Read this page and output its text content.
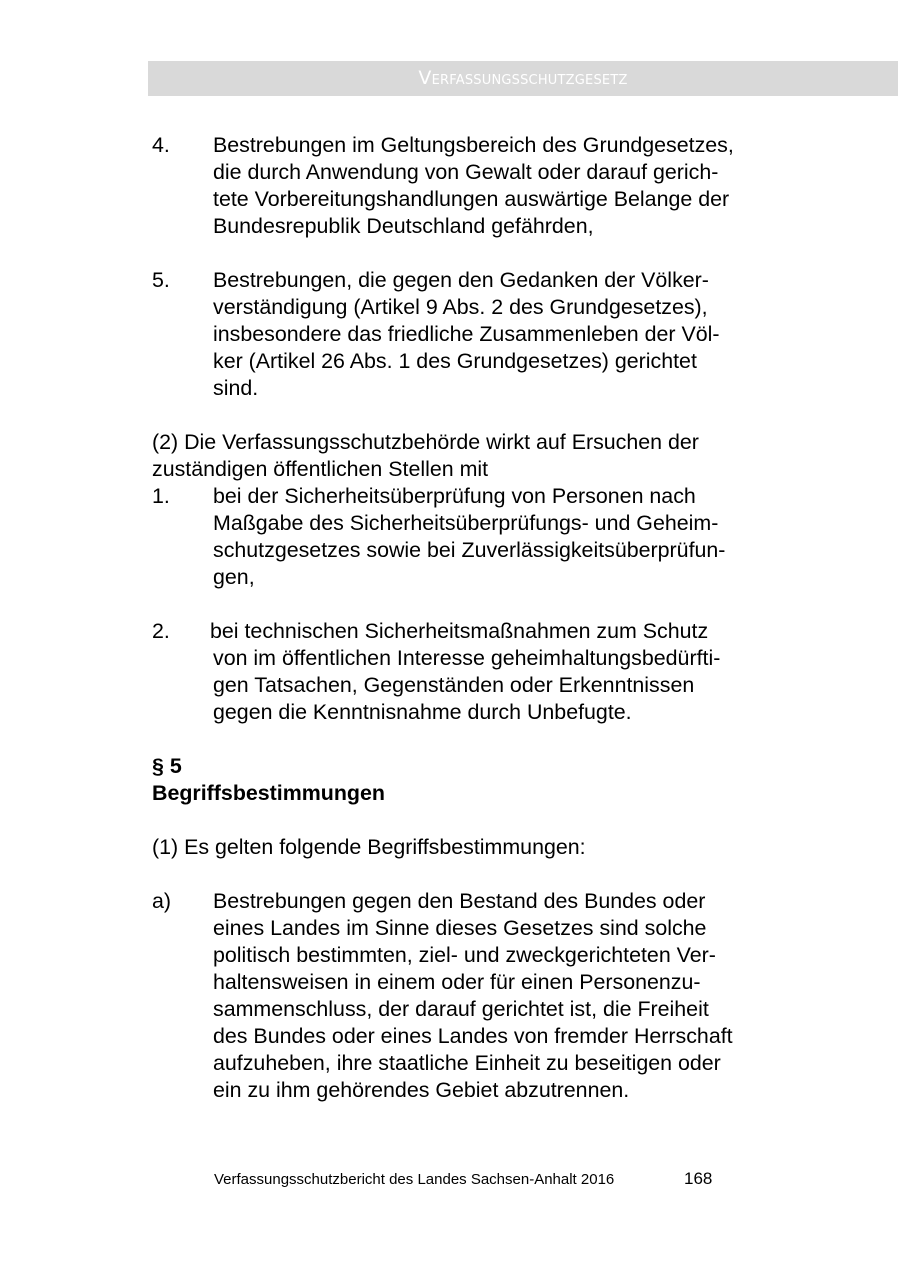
Verfassungsschutzgesetz
4. Bestrebungen im Geltungsbereich des Grundgesetzes,
die durch Anwendung von Gewalt oder darauf gerich-
tete Vorbereitungshandlungen auswärtige Belange der
Bundesrepublik Deutschland gefährden,
5. Bestrebungen, die gegen den Gedanken der Völker-
verständigung (Artikel 9 Abs. 2 des Grundgesetzes),
insbesondere das friedliche Zusammenleben der Völ-
ker (Artikel 26 Abs. 1 des Grundgesetzes) gerichtet
sind.
(2) Die Verfassungsschutzbehörde wirkt auf Ersuchen der
zuständigen öffentlichen Stellen mit
1. bei der Sicherheitsüberprüfung von Personen nach
Maßgabe des Sicherheitsüberprüfungs- und Geheim-
schutzgesetzes sowie bei Zuverlässigkeitsüberprüfun-
gen,
2. bei technischen Sicherheitsmaßnahmen zum Schutz
von im öffentlichen Interesse geheimhaltungsbedürfti-
gen Tatsachen, Gegenständen oder Erkenntnissen
gegen die Kenntnisnahme durch Unbefugte.
§ 5
Begriffsbestimmungen
(1) Es gelten folgende Begriffsbestimmungen:
a) Bestrebungen gegen den Bestand des Bundes oder
eines Landes im Sinne dieses Gesetzes sind solche
politisch bestimmten, ziel- und zweckgerichteten Ver-
haltensweisen in einem oder für einen Personenzu-
sammenschluss, der darauf gerichtet ist, die Freiheit
des Bundes oder eines Landes von fremder Herrschaft
aufzuheben, ihre staatliche Einheit zu beseitigen oder
ein zu ihm gehörendes Gebiet abzutrennen.
Verfassungsschutzbericht des Landes Sachsen-Anhalt 2016	168
